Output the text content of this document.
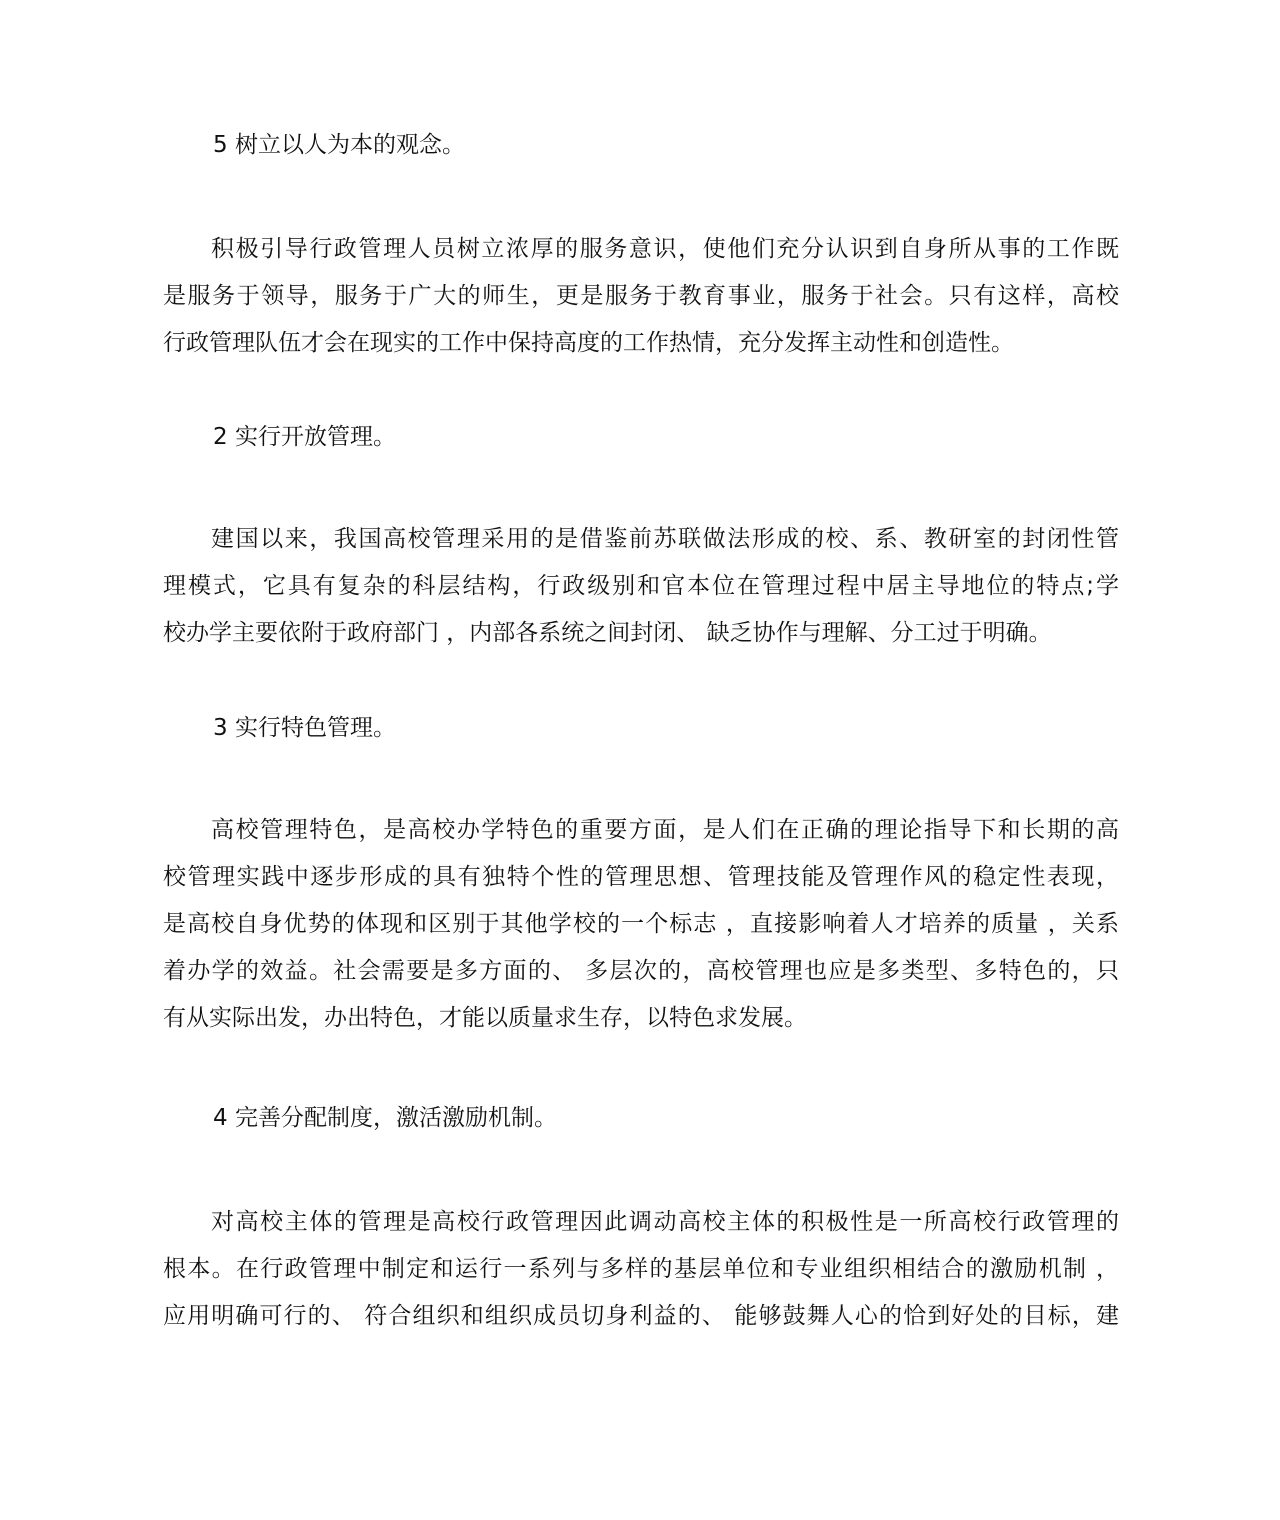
5 树立以人为本的观念。
积极引导行政管理人员树立浓厚的服务意识，使他们充分认识到自身所从事的工作既
是服务于领导，服务于广大的师生，更是服务于教育事业，服务于社会。只有这样，高校
行政管理队伍才会在现实的工作中保持高度的工作热情，充分发挥主动性和创造性。
2 实行开放管理。
建国以来，我国高校管理采用的是借鉴前苏联做法形成的校、系、教研室的封闭性管
理模式，它具有复杂的科层结构，行政级别和官本位在管理过程中居主导地位的特点;学
校办学主要依附于政府部门 ，内部各系统之间封闭、 缺乏协作与理解、分工过于明确。
3 实行特色管理。
高校管理特色，是高校办学特色的重要方面，是人们在正确的理论指导下和长期的高
校管理实践中逐步形成的具有独特个性的管理思想、管理技能及管理作风的稳定性表现，
是高校自身优势的体现和区别于其他学校的一个标志 ，直接影响着人才培养的质量 ，关系
着办学的效益。社会需要是多方面的、 多层次的，高校管理也应是多类型、多特色的，只
有从实际出发，办出特色，才能以质量求生存，以特色求发展。
4 完善分配制度，激活激励机制。
对高校主体的管理是高校行政管理因此调动高校主体的积极性是一所高校行政管理的
根本。在行政管理中制定和运行一系列与多样的基层单位和专业组织相结合的激励机制 ，
应用明确可行的、 符合组织和组织成员切身利益的、 能够鼓舞人心的恰到好处的目标，建
